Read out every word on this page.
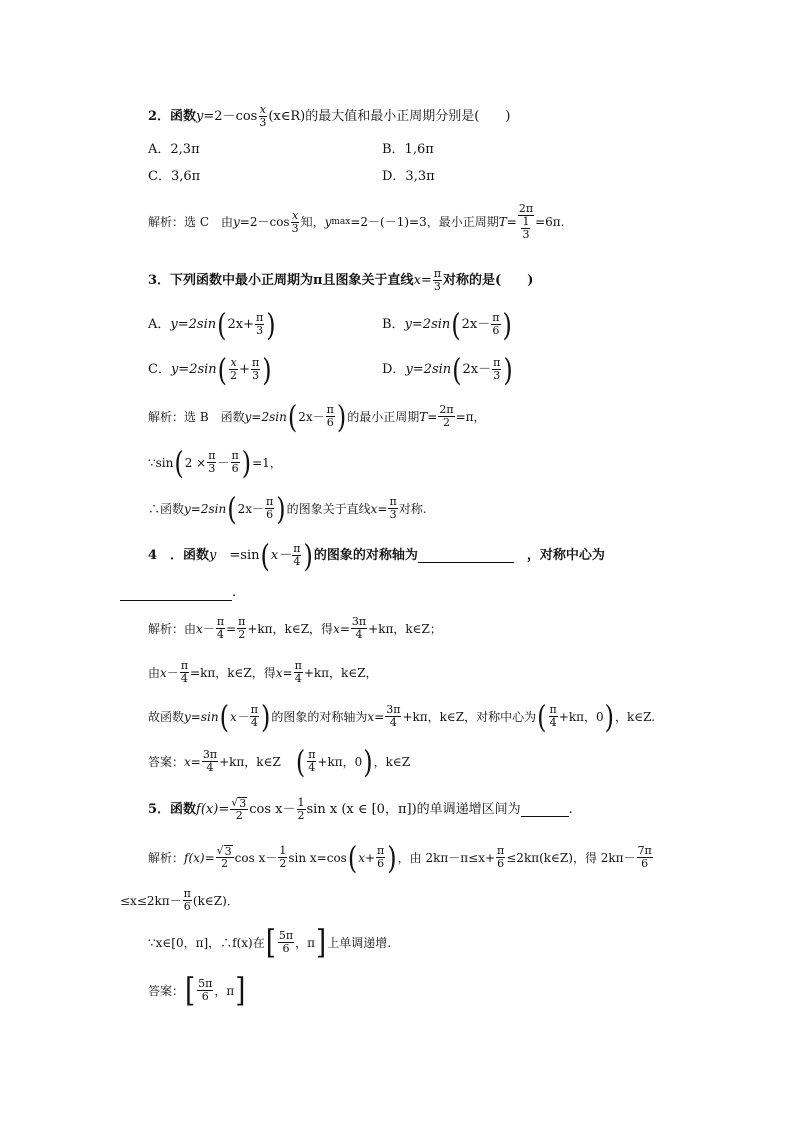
2．函数 $y =2-\cos \frac{x}{3}$ (x∈R)的最大值和最小正周期分别是(　　)
A．2,3π	B．1,6π
C．3,6π	D．3,3π
解析：选 C　由 $y =2-\cos \frac{x}{3}$ 知， y max =2－(－1)=3，最小正周期 $T = \frac{2\pi}{\frac{1}{3}} =6\pi$.
3．下列函数中最小正周期为π且图象关于直线 $x = \frac{\pi}{3}$ 对称的是(　　)
A． y=2sin ( $2x+ \frac{\pi}{3}$ )	B． y=2sin ( $2x- \frac{\pi}{6}$ )
C． y=2sin ( $\frac{x}{2} + \frac{\pi}{3}$ )	D． y=2sin ( $2x- \frac{\pi}{3}$ )
解析：选 B　函数 y=2sin ( $2x- \frac{\pi}{6}$ ) 的最小正周期 $T = \frac{2\pi}{2} =\pi$，
∵sin ( $2 \times \frac{\pi}{3} - \frac{\pi}{6}$ ) =1，
∴函数 y=2sin ( $2x- \frac{\pi}{6}$ ) 的图象关于直线 $x = \frac{\pi}{3}$ 对称.
4　．函数 y 　=sin ( $x- \frac{\pi}{4}$ ) 的图象的对称轴为	　，对称中心为
.
解析：由 $x - \frac{\pi}{4} = \frac{\pi}{2} +k\pi$，k∈Z，得 $x = \frac{3\pi}{4} +k\pi$，k∈Z；
由 $x - \frac{\pi}{4} =k\pi$，k∈Z，得 $x = \frac{\pi}{4} +k\pi$，k∈Z，
故函数 y=sin ( $x- \frac{\pi}{4}$ ) 的图象的对称轴为 $x = \frac{3\pi}{4} +k\pi$，k∈Z，对称中心为 ( $\frac{\pi}{4} +k\pi$，0 ) ，k∈Z.
答案： $x = \frac{3\pi}{4} +k\pi$，k∈Z ( $\frac{\pi}{4} +k\pi$，0 ) ，k∈Z
5．函数 $f(x) = \frac{√ 3}{2}$ $\cos x- \frac{1}{2}$ sin x (x ∈ [0，π])的单调递增区间为	.
解析： $f(x) = \frac{√ 3}{2}$ $\cos x- \frac{1}{2}$ sin x=cos ( $x+ \frac{\pi}{6}$ ) ，由 $2k\pi-\pi\le x+ \frac{\pi}{6}$ ≤2kπ(k∈Z)，得 $2k\pi- \frac{7\pi}{6}$
$\le x\le 2k\pi- \frac{\pi}{6}$ (k∈Z)．
∵x∈[0，π]，∴f(x)在 [ $\frac{5\pi}{6}$ ，π ] 上单调递增.
答案： [ $\frac{5\pi}{6}$ ，π ]
